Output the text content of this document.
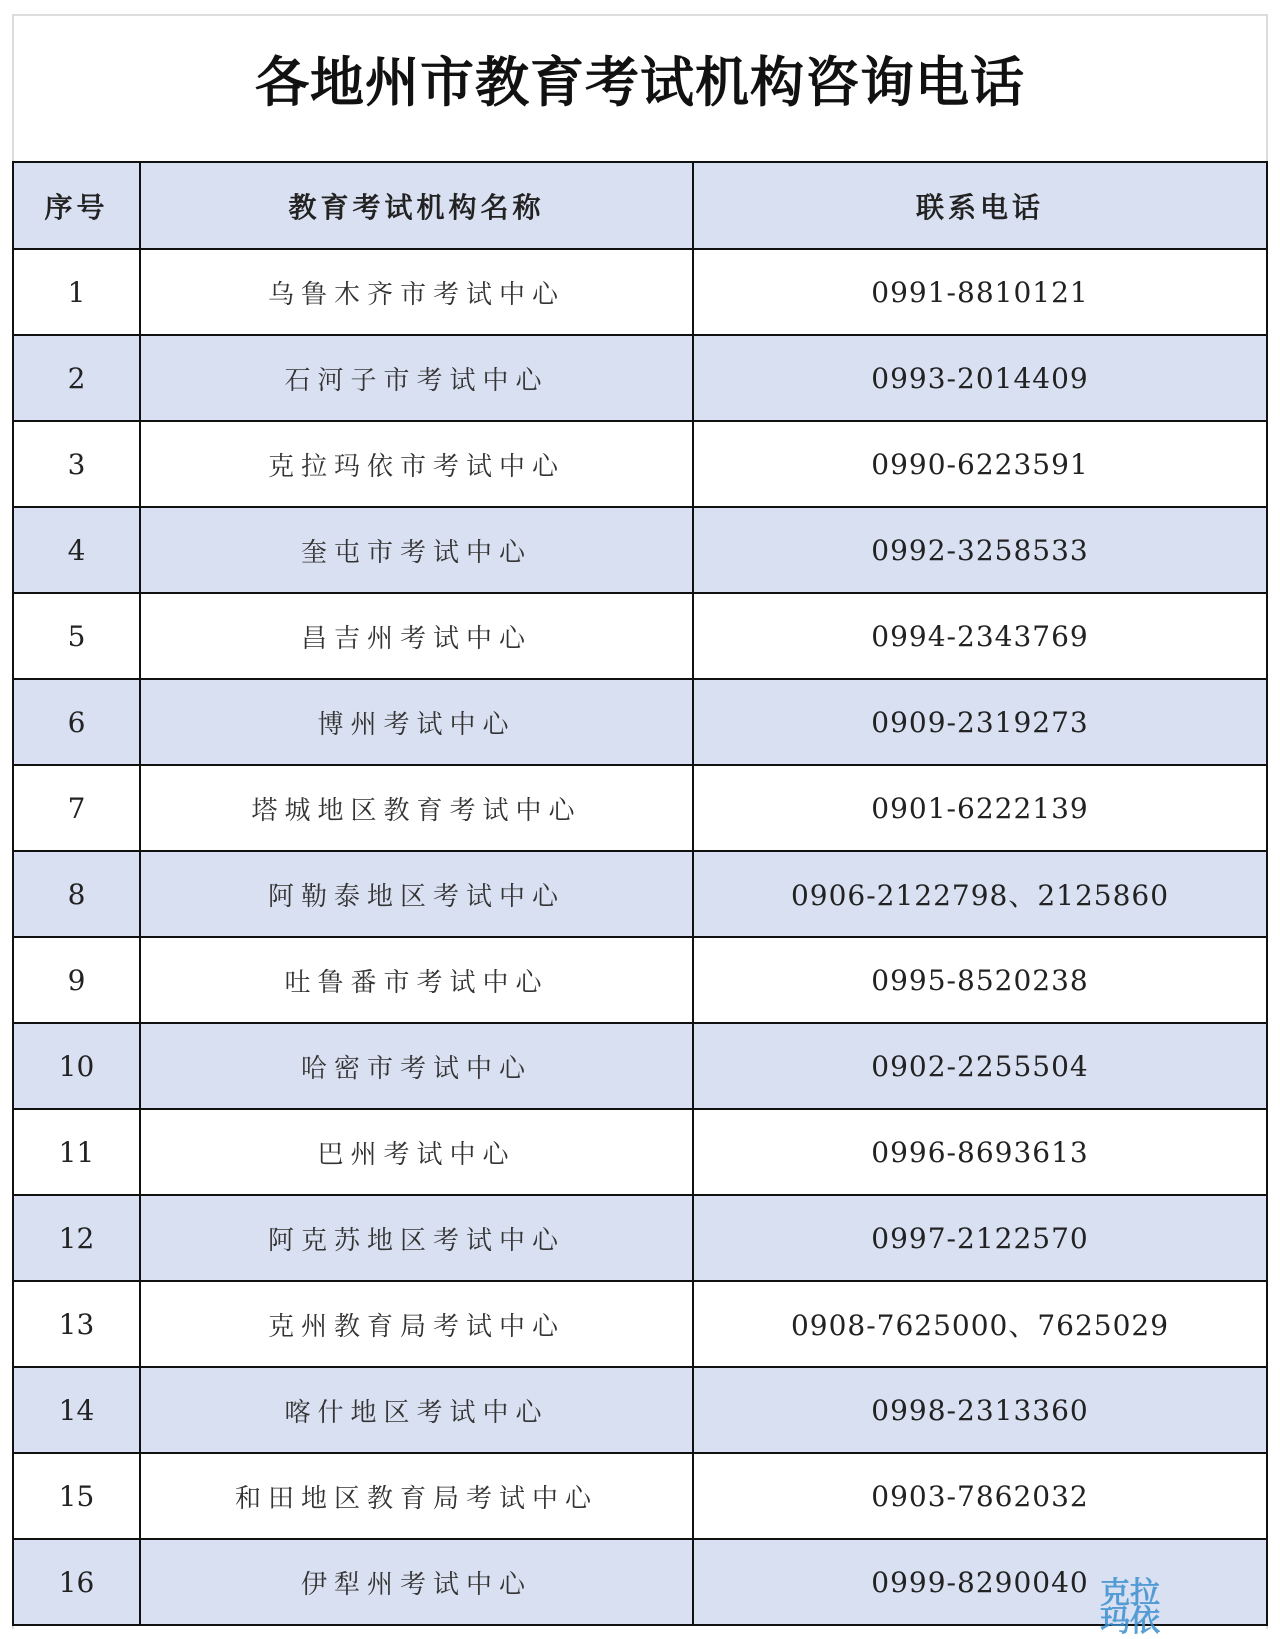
各地州市教育考试机构咨询电话
序号	教育考试机构名称	联系电话
1	乌鲁木齐市考试中心	0991-8810121
2	石河子市考试中心	0993-2014409
3	克拉玛依市考试中心	0990-6223591
4	奎屯市考试中心	0992-3258533
5	昌吉州考试中心	0994-2343769
6	博州考试中心	0909-2319273
7	塔城地区教育考试中心	0901-6222139
8	阿勒泰地区考试中心	0906-2122798、2125860
9	吐鲁番市考试中心	0995-8520238
10	哈密市考试中心	0902-2255504
11	巴州考试中心	0996-8693613
12	阿克苏地区考试中心	0997-2122570
13	克州教育局考试中心	0908-7625000、7625029
14	喀什地区考试中心	0998-2313360
15	和田地区教育局考试中心	0903-7862032
16	伊犁州考试中心	0999-8290040 克拉
玛依
